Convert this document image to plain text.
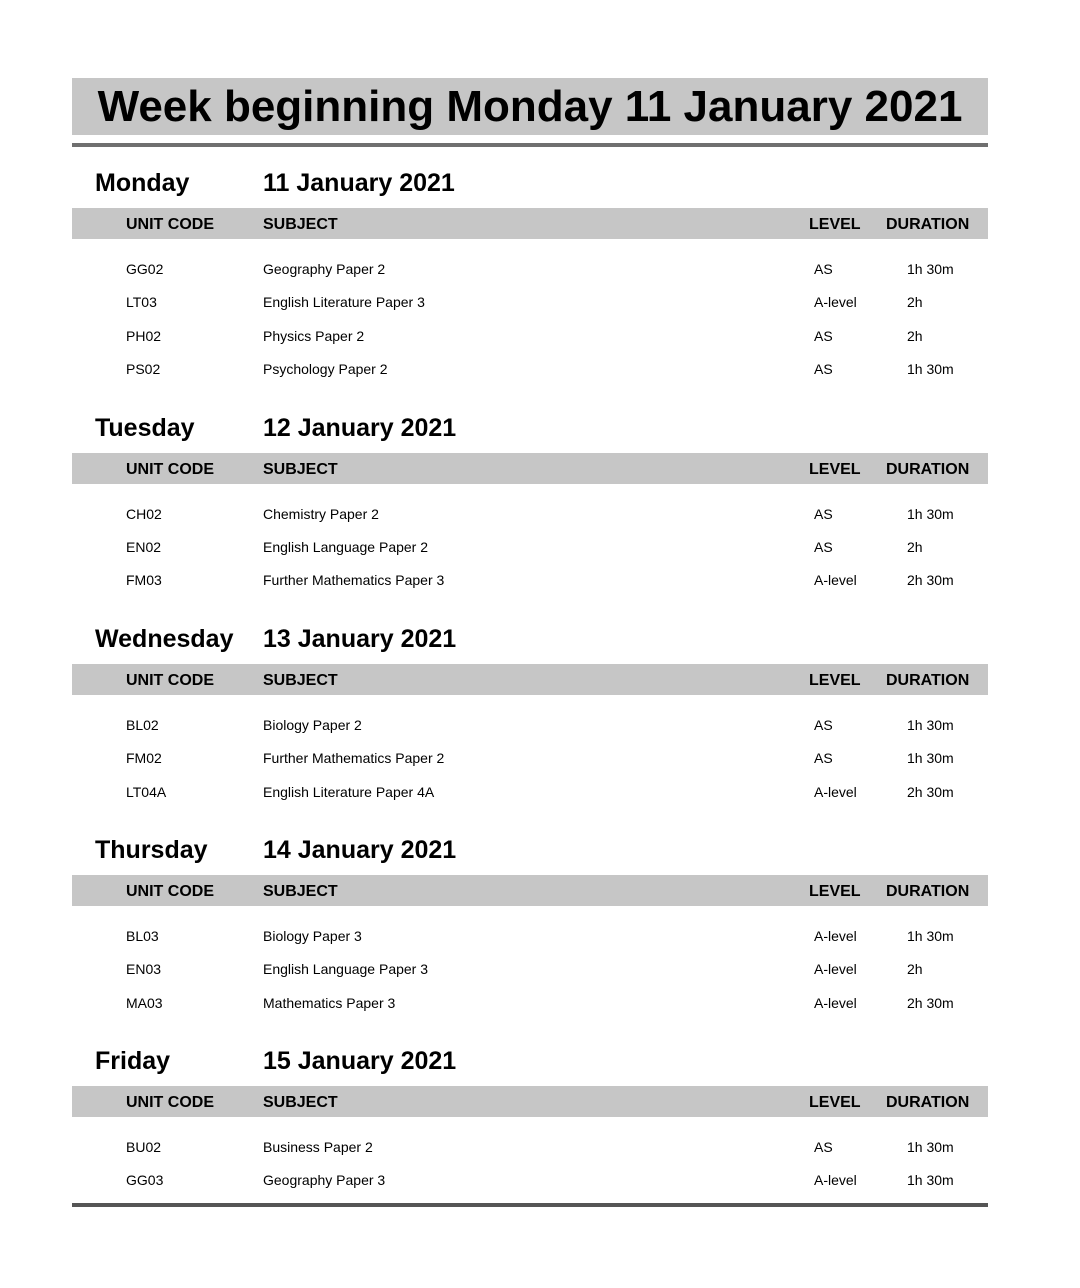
Week beginning Monday 11 January 2021
Monday	11 January 2021
UNIT CODE	SUBJECT	LEVEL DURATION
GG02	Geography Paper 2	AS	1h 30m
LT03	English Literature Paper 3	A-level	2h
PH02	Physics Paper 2	AS	2h
PS02	Psychology Paper 2	AS	1h 30m
Tuesday	12 January 2021
UNIT CODE	SUBJECT	LEVEL DURATION
CH02	Chemistry Paper 2	AS	1h 30m
EN02	English Language Paper 2	AS	2h
FM03	Further Mathematics Paper 3	A-level	2h 30m
Wednesday 13 January 2021
UNIT CODE	SUBJECT	LEVEL DURATION
BL02	Biology Paper 2	AS	1h 30m
FM02	Further Mathematics Paper 2	AS	1h 30m
LT04A	English Literature Paper 4A	A-level	2h 30m
Thursday 14 January 2021
UNIT CODE	SUBJECT	LEVEL DURATION
BL03	Biology Paper 3	A-level	1h 30m
EN03	English Language Paper 3	A-level	2h
MA03	Mathematics Paper 3	A-level	2h 30m
Friday	15 January 2021
UNIT CODE	SUBJECT	LEVEL DURATION
BU02	Business Paper 2	AS	1h 30m
GG03	Geography Paper 3	A-level	1h 30m
